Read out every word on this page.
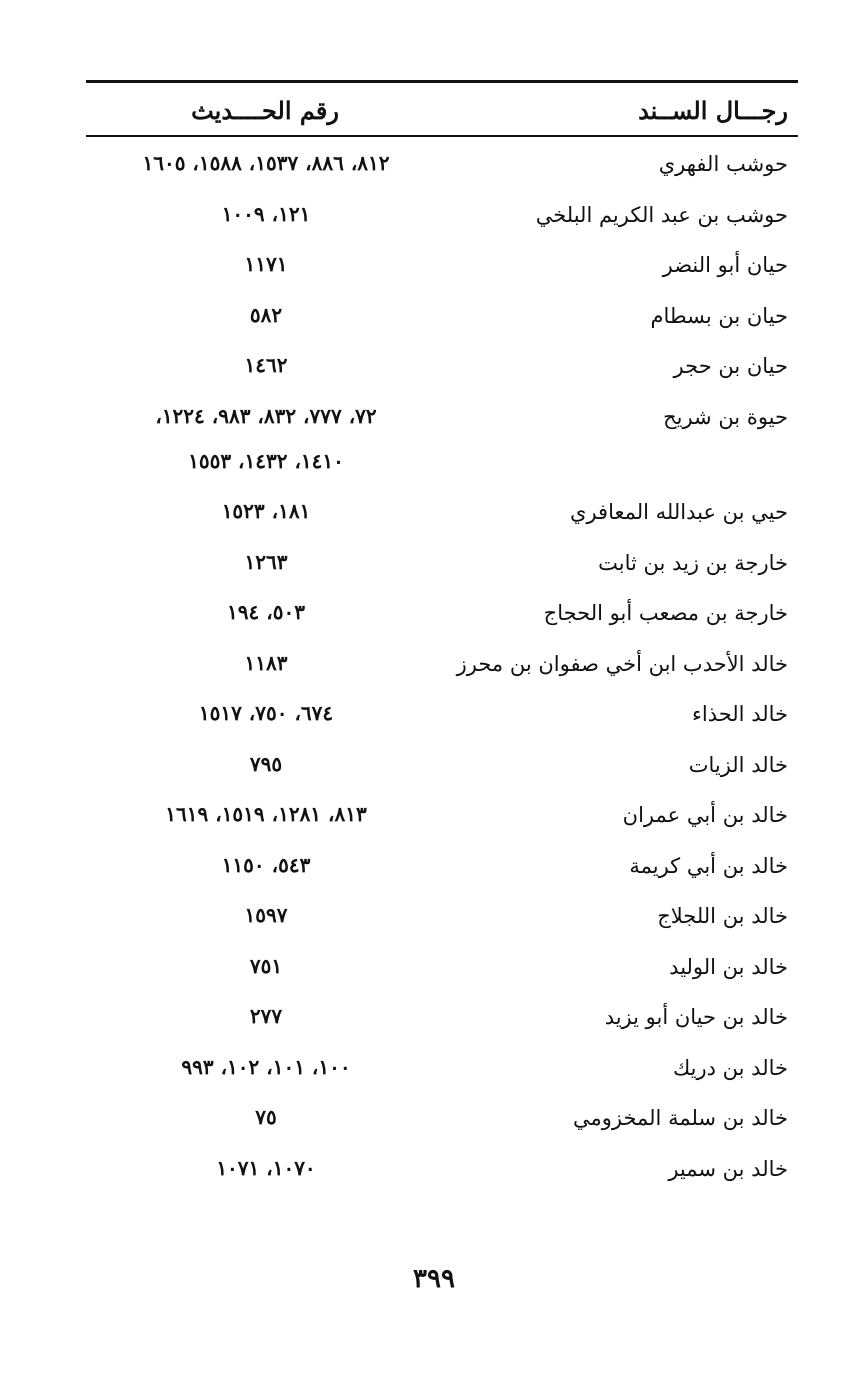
رجـــال الســند
رقم الحــــديث
حوشب الفهري
٨١٢، ٨٨٦، ١٥٣٧، ١٥٨٨، ١٦٠٥
حوشب بن عبد الكريم البلخي
١٢١، ١٠٠٩
حيان أبو النضر
١١٧١
حيان بن بسطام
٥٨٢
حيان بن حجر
١٤٦٢
حيوة بن شريح
٧٢، ٧٧٧، ٨٣٢، ٩٨٣، ١٢٢٤،
١٤١٠، ١٤٣٢، ١٥٥٣
حيي بن عبدالله المعافري
١٨١، ١٥٢٣
خارجة بن زيد بن ثابت
١٢٦٣
خارجة بن مصعب أبو الحجاج
٥٠٣، ١٩٤
خالد الأحدب ابن أخي صفوان بن محرز
١١٨٣
خالد الحذاء
٦٧٤، ٧٥٠، ١٥١٧
خالد الزيات
٧٩٥
خالد بن أبي عمران
٨١٣، ١٢٨١، ١٥١٩، ١٦١٩
خالد بن أبي كريمة
٥٤٣، ١١٥٠
خالد بن اللجلاج
١٥٩٧
خالد بن الوليد
٧٥١
خالد بن حيان أبو يزيد
٢٧٧
خالد بن دريك
١٠٠، ١٠١، ١٠٢، ٩٩٣
خالد بن سلمة المخزومي
٧٥
خالد بن سمير
١٠٧٠، ١٠٧١
٣٩٩
